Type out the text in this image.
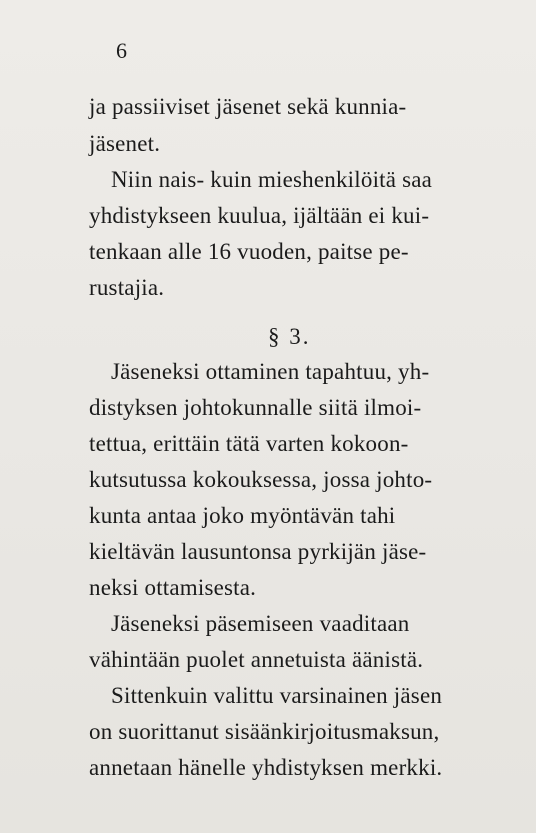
6
ja passiiviset jäsenet sekä kunnia-
jäsenet.
Niin nais- kuin mieshenkilöitä saa
yhdistykseen kuulua, ijältään ei kui-
tenkaan alle 16 vuoden, paitse pe-
rustajia.
§ 3.
Jäseneksi ottaminen tapahtuu, yh-
distyksen johtokunnalle siitä ilmoi-
tettua, erittäin tätä varten kokoon-
kutsutussa kokouksessa, jossa johto-
kunta antaa joko myöntävän tahi
kieltävän lausuntonsa pyrkijän jäse-
neksi ottamisesta.
Jäseneksi päsemiseen vaaditaan
vähintään puolet annetuista äänistä.
Sittenkuin valittu varsinainen jäsen
on suorittanut sisäänkirjoitusmaksun,
annetaan hänelle yhdistyksen merkki.
